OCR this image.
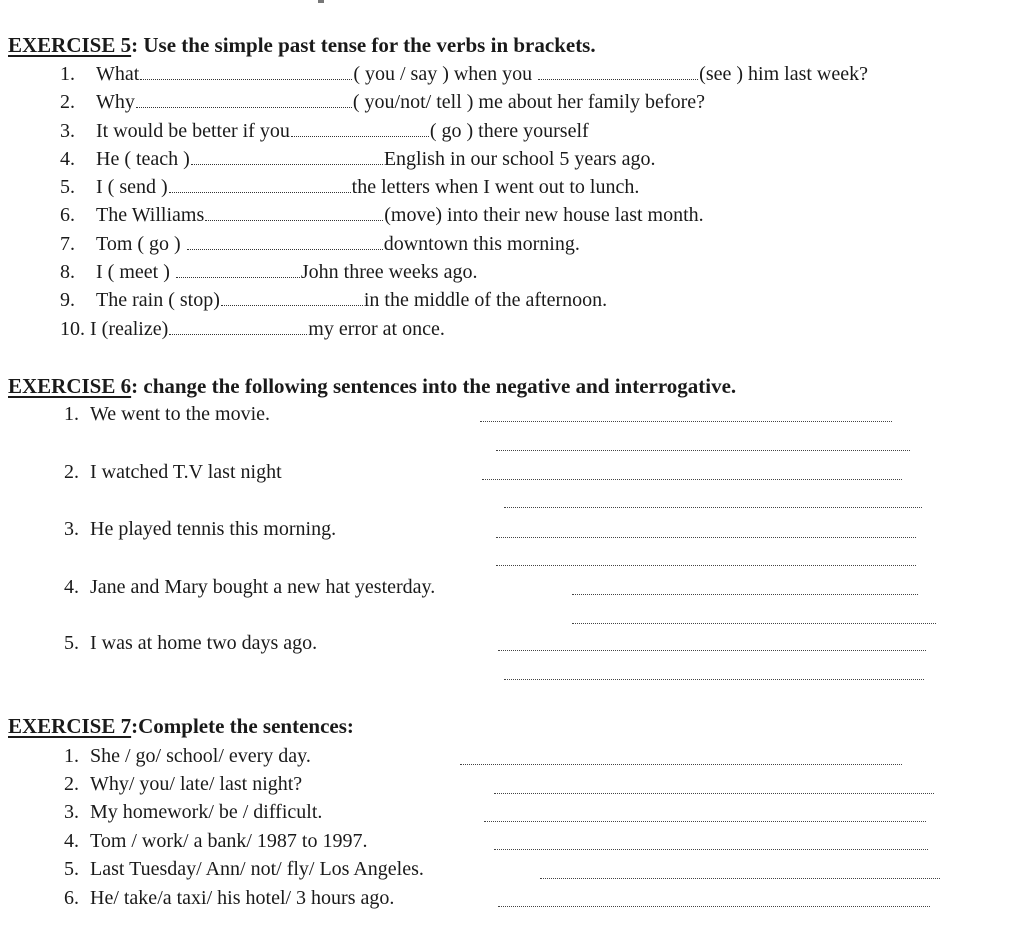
EXERCISE 5: Use the simple past tense for the verbs in brackets.
1. What	( you / say ) when you	(see ) him last week?
2. Why	( you/not/ tell ) me about her family before?
3. It would be better if you	( go ) there yourself
4. He ( teach )	English in our school 5 years ago.
5. I ( send )	the letters when I went out to lunch.
6. The Williams	(move) into their new house last month.
7. Tom ( go )	downtown this morning.
8. I ( meet )	John three weeks ago.
9. The rain ( stop)	in the middle of the afternoon.
10. I (realize)	my error at once.
EXERCISE 6: change the following sentences into the negative and interrogative.
1. We went to the movie.
2. I watched T.V last night
3. He played tennis this morning.
4. Jane and Mary bought a new hat yesterday.
5. I was at home two days ago.
EXERCISE 7:Complete the sentences:
1. She / go/ school/ every day.
2. Why/ you/ late/ last night?
3. My homework/ be / difficult.
4. Tom / work/ a bank/ 1987 to 1997.
5. Last Tuesday/ Ann/ not/ fly/ Los Angeles.
6. He/ take/a taxi/ his hotel/ 3 hours ago.
